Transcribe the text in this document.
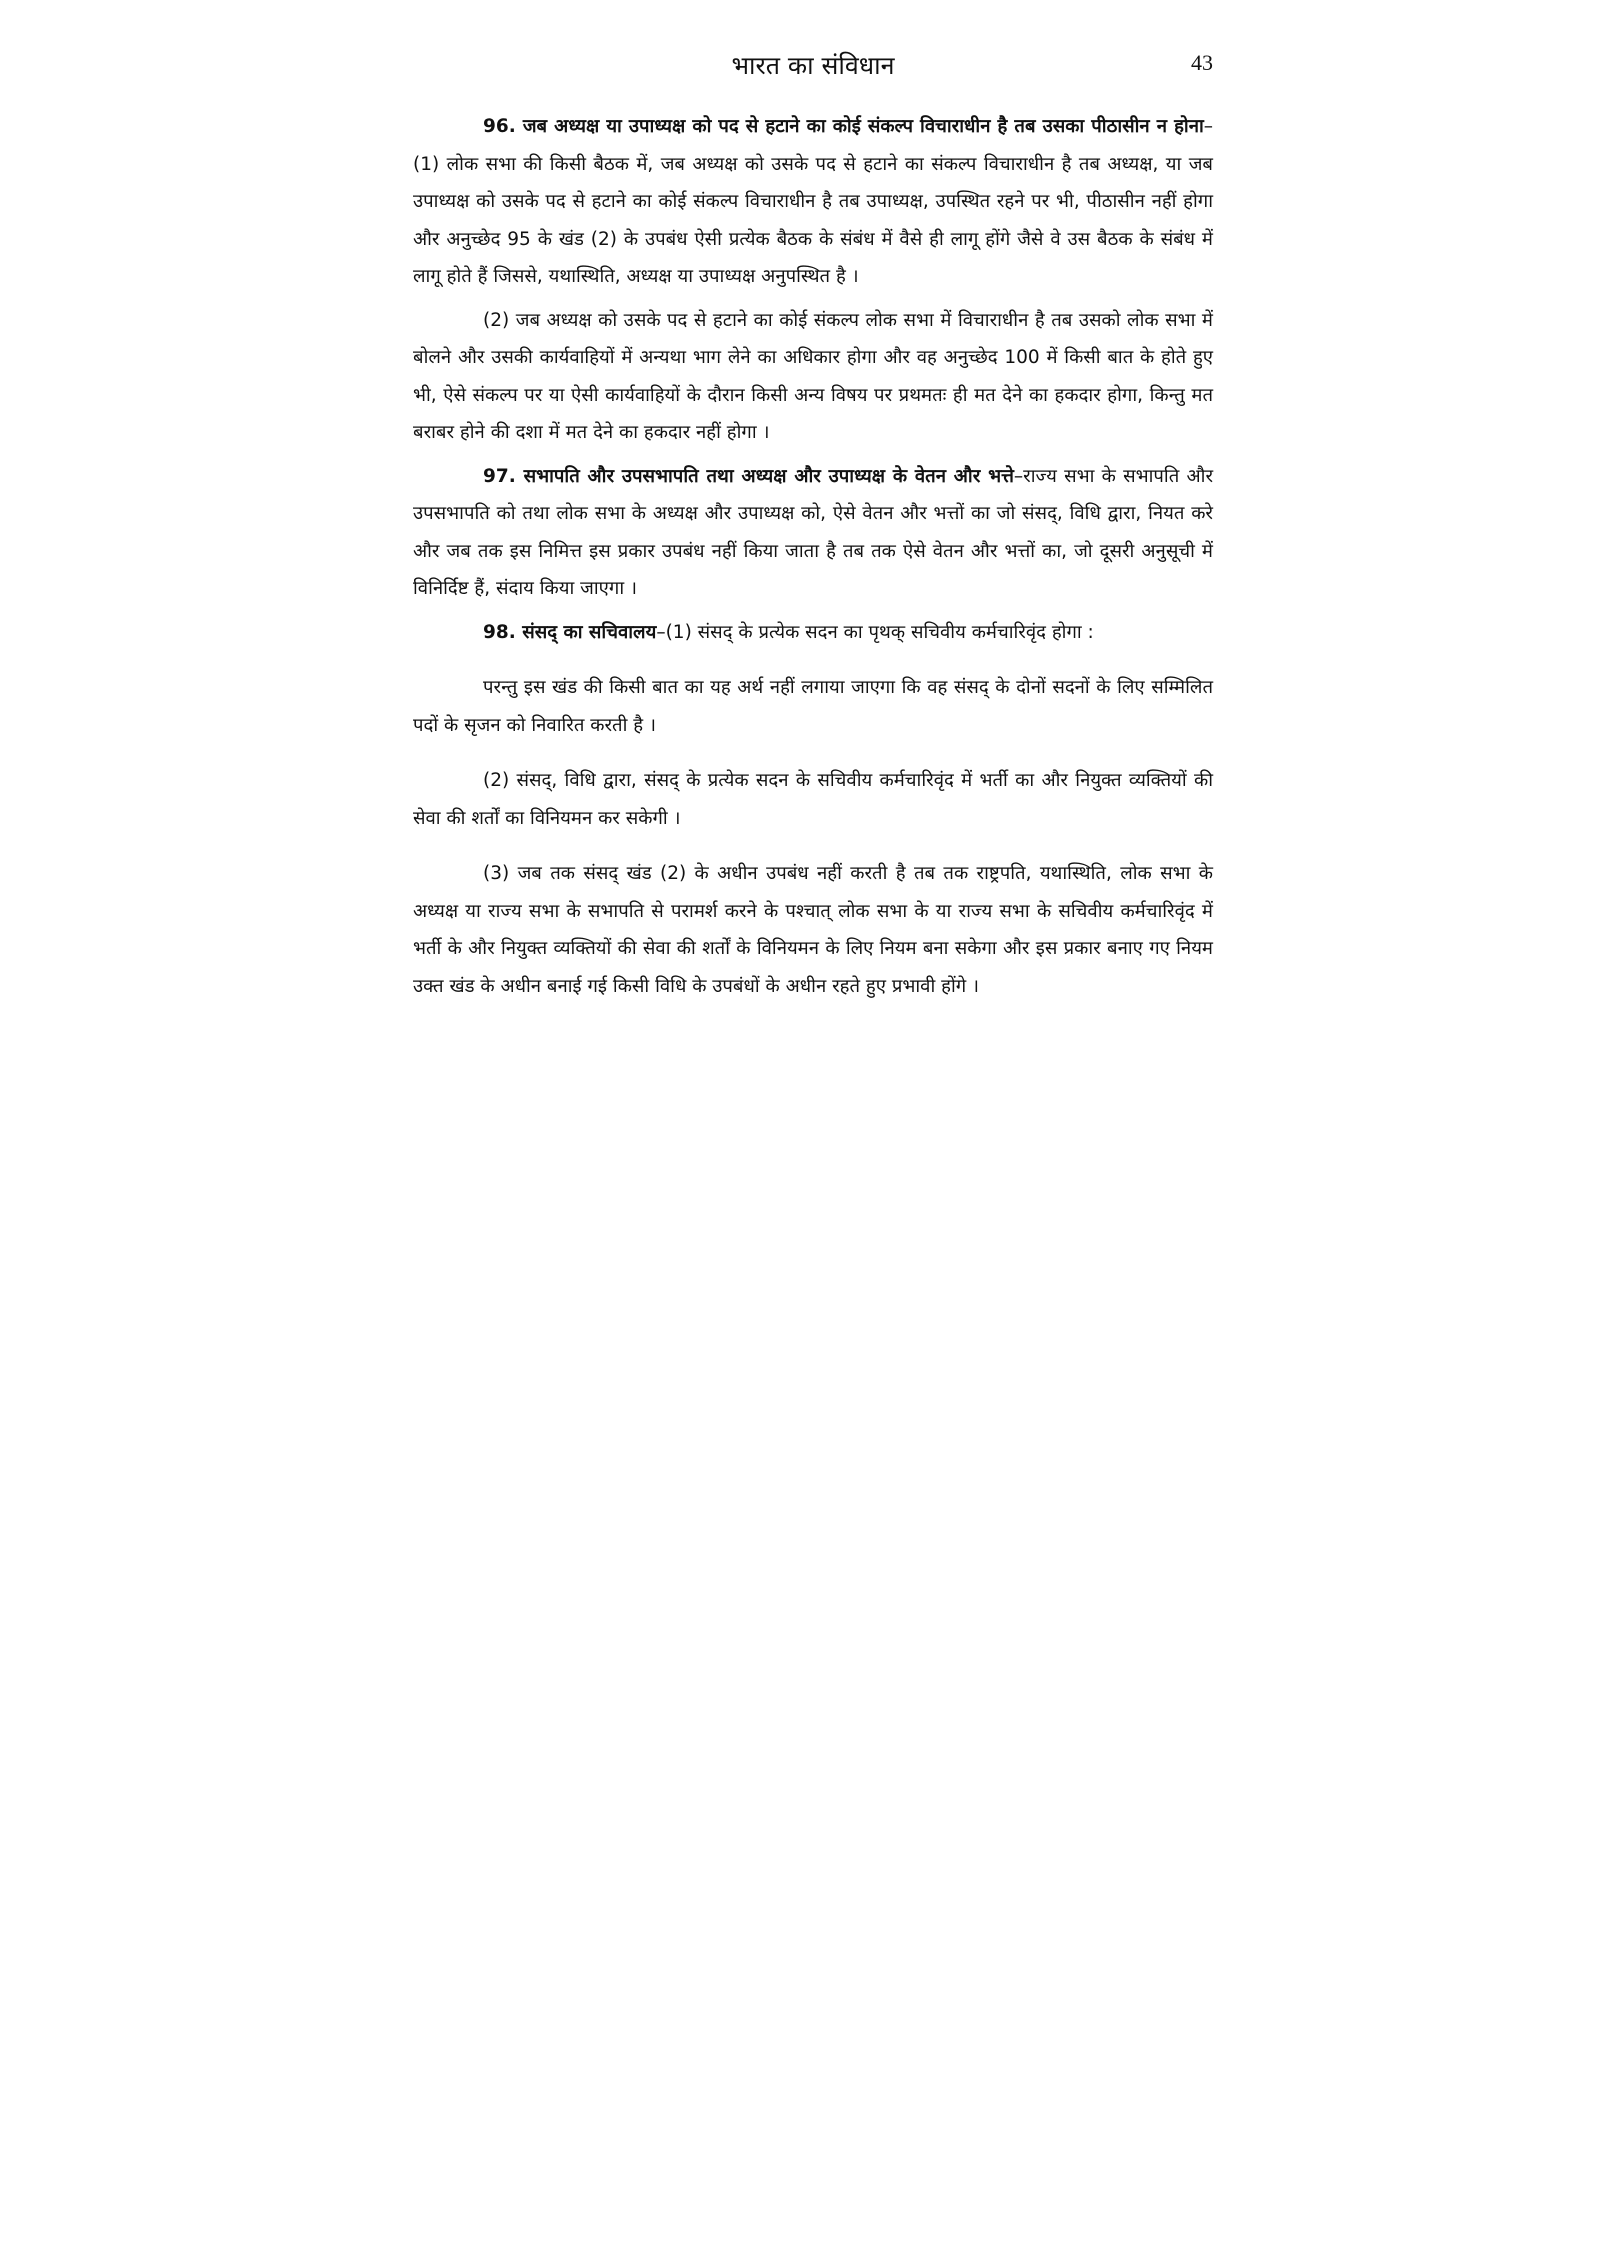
भारत का संविधान	43

96. जब अध्यक्ष या उपाध्यक्ष को पद से हटाने का कोई संकल्प विचाराधीन है तब उसका पीठासीन न होना–(1) लोक सभा की किसी बैठक में, जब अध्यक्ष को उसके पद से हटाने का संकल्प विचाराधीन है तब अध्यक्ष, या जब उपाध्यक्ष को उसके पद से हटाने का कोई संकल्प विचाराधीन है तब उपाध्यक्ष, उपस्थित रहने पर भी, पीठासीन नहीं होगा और अनुच्छेद 95 के खंड (2) के उपबंध ऐसी प्रत्येक बैठक के संबंध में वैसे ही लागू होंगे जैसे वे उस बैठक के संबंध में लागू होते हैं जिससे, यथास्थिति, अध्यक्ष या उपाध्यक्ष अनुपस्थित है ।

(2) जब अध्यक्ष को उसके पद से हटाने का कोई संकल्प लोक सभा में विचाराधीन है तब उसको लोक सभा में बोलने और उसकी कार्यवाहियों में अन्यथा भाग लेने का अधिकार होगा और वह अनुच्छेद 100 में किसी बात के होते हुए भी, ऐसे संकल्प पर या ऐसी कार्यवाहियों के दौरान किसी अन्य विषय पर प्रथमतः ही मत देने का हकदार होगा, किन्तु मत बराबर होने की दशा में मत देने का हकदार नहीं होगा ।

97. सभापति और उपसभापति तथा अध्यक्ष और उपाध्यक्ष के वेतन और भत्ते–राज्य सभा के सभापति और उपसभापति को तथा लोक सभा के अध्यक्ष और उपाध्यक्ष को, ऐसे वेतन और भत्तों का जो संसद्, विधि द्वारा, नियत करे और जब तक इस निमित्त इस प्रकार उपबंध नहीं किया जाता है तब तक ऐसे वेतन और भत्तों का, जो दूसरी अनुसूची में विनिर्दिष्ट हैं, संदाय किया जाएगा ।

98. संसद् का सचिवालय–(1) संसद् के प्रत्येक सदन का पृथक् सचिवीय कर्मचारिवृंद होगा :

परन्तु इस खंड की किसी बात का यह अर्थ नहीं लगाया जाएगा कि वह संसद् के दोनों सदनों के लिए सम्मिलित पदों के सृजन को निवारित करती है ।

(2) संसद्, विधि द्वारा, संसद् के प्रत्येक सदन के सचिवीय कर्मचारिवृंद में भर्ती का और नियुक्त व्यक्तियों की सेवा की शर्तों का विनियमन कर सकेगी ।

(3) जब तक संसद् खंड (2) के अधीन उपबंध नहीं करती है तब तक राष्ट्रपति, यथास्थिति, लोक सभा के अध्यक्ष या राज्य सभा के सभापति से परामर्श करने के पश्चात् लोक सभा के या राज्य सभा के सचिवीय कर्मचारिवृंद में भर्ती के और नियुक्त व्यक्तियों की सेवा की शर्तों के विनियमन के लिए नियम बना सकेगा और इस प्रकार बनाए गए नियम उक्त खंड के अधीन बनाई गई किसी विधि के उपबंधों के अधीन रहते हुए प्रभावी होंगे ।
